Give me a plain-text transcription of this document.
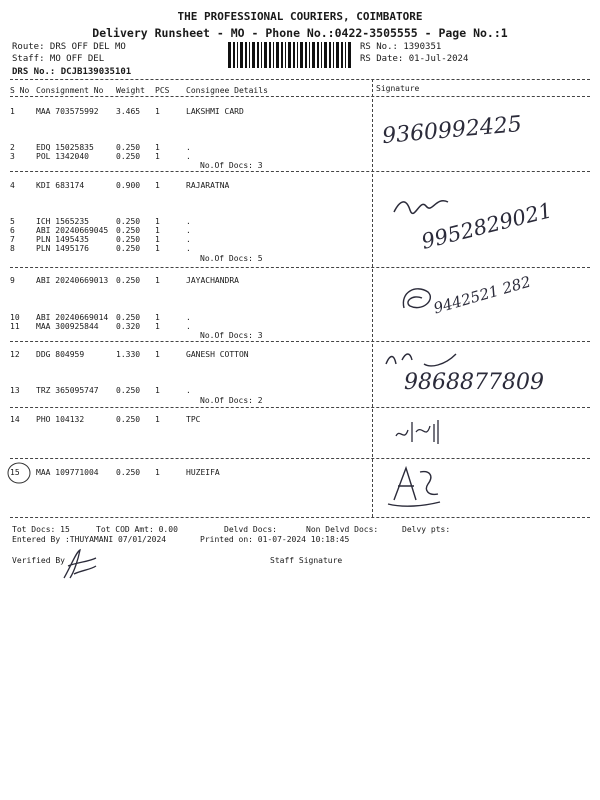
THE PROFESSIONAL COURIERS, COIMBATORE
Delivery Runsheet - MO - Phone No.:0422-3505555 - Page No.:1
Route: DRS OFF DEL MO
Staff: MO OFF DEL
DRS No.: DCJB139035101
RS No.: 1390351
RS Date: 01-Jul-2024
S No Consignment No Weight PCS Consignee Details	Signature
1	MAA 703575992 3.465 1	LAKSHMI CARD
2	EDQ 15025835	0.250 1	.
3	POL 1342040	0.250 1	.
No.Of Docs: 3
4	KDI 683174	0.900 1	RAJARATNA
5	ICH 1565235	0.250 1	.
6	ABI 20240669045 0.250 1	.
7	PLN 1495435	0.250 1	.
8	PLN 1495176	0.250 1	.
No.Of Docs: 5
9	ABI 20240669013 0.250 1	JAYACHANDRA
10 ABI 20240669014 0.250 1	.
11 MAA 300925844 0.320 1	.
No.Of Docs: 3
12 DDG 804959	1.330 1	GANESH COTTON
13 TRZ 365095747 0.250 1	.
No.Of Docs: 2
14 PHO 104132	0.250 1	TPC
15 MAA 109771004 0.250 1	HUZEIFA
9360992425
9952829021
9442521 282
9868877809
Tot Docs: 15	Tot COD Amt: 0.00	Delvd Docs:	Non Delvd Docs:	Delvy pts:
Entered By :THUYAMANI 07/01/2024	Printed on: 01-07-2024 10:18:45
Verified By	Staff Signature
